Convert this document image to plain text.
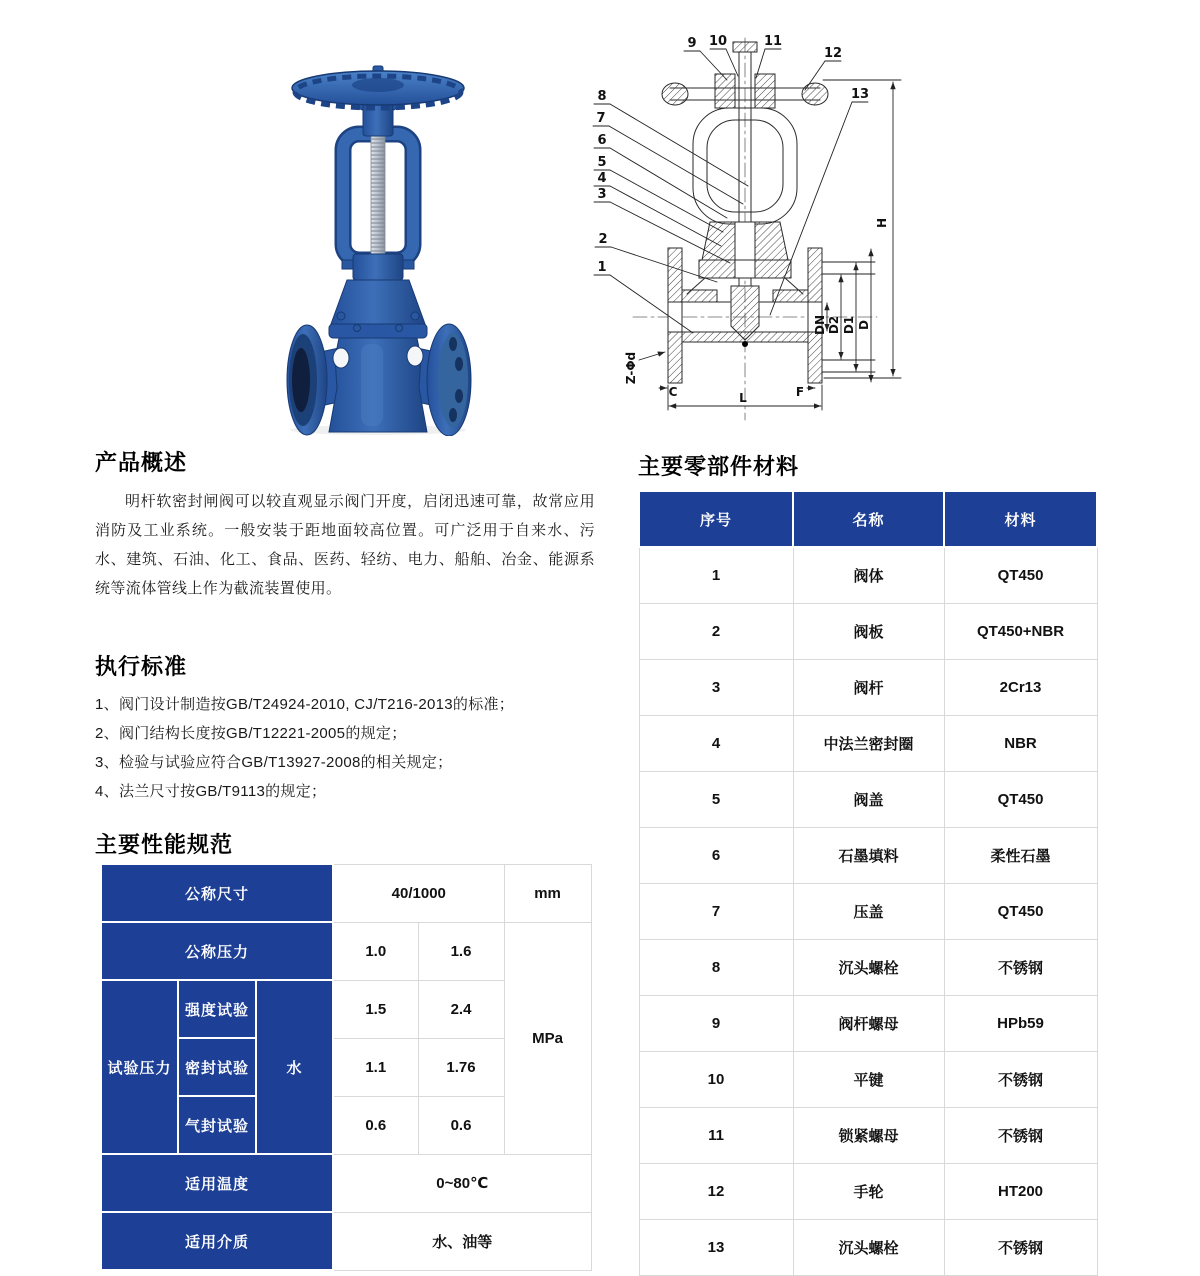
H
DN D2 D1 D
L
C	F
Z-Φd
9 10	11
12
13
8
7
6
5
4
3
2
1
产品概述
明杆软密封闸阀可以较直观显示阀门开度，启闭迅速可靠，故常应用消防及工业系统。一般安装于距地面较高位置。可广泛用于自来水、污水、建筑、石油、化工、食品、医药、轻纺、电力、船舶、冶金、能源系统等流体管线上作为截流装置使用。
执行标准
1、阀门设计制造按GB/T24924-2010, CJ/T216-2013的标准；
2、阀门结构长度按GB/T12221-2005的规定；
3、检验与试验应符合GB/T13927-2008的相关规定；
4、法兰尺寸按GB/T9113的规定；
主要性能规范
公称尺寸			40/1000		mm
公称压力			1.0	1.6	MPa
试验压力	强度试验	水	1.5	2.4	
	密封试验		1.1	1.76	
	气封试验		0.6	0.6	
适用温度			0~80℃		
适用介质			水、油等		
主要零部件材料
序号	名称	材料
1	阀体	QT450
2	阀板	QT450+NBR
3	阀杆	2Cr13
4	中法兰密封圈	NBR
5	阀盖	QT450
6	石墨填料	柔性石墨
7	压盖	QT450
8	沉头螺栓	不锈钢
9	阀杆螺母	HPb59
10	平键	不锈钢
11	锁紧螺母	不锈钢
12	手轮	HT200
13	沉头螺栓	不锈钢
